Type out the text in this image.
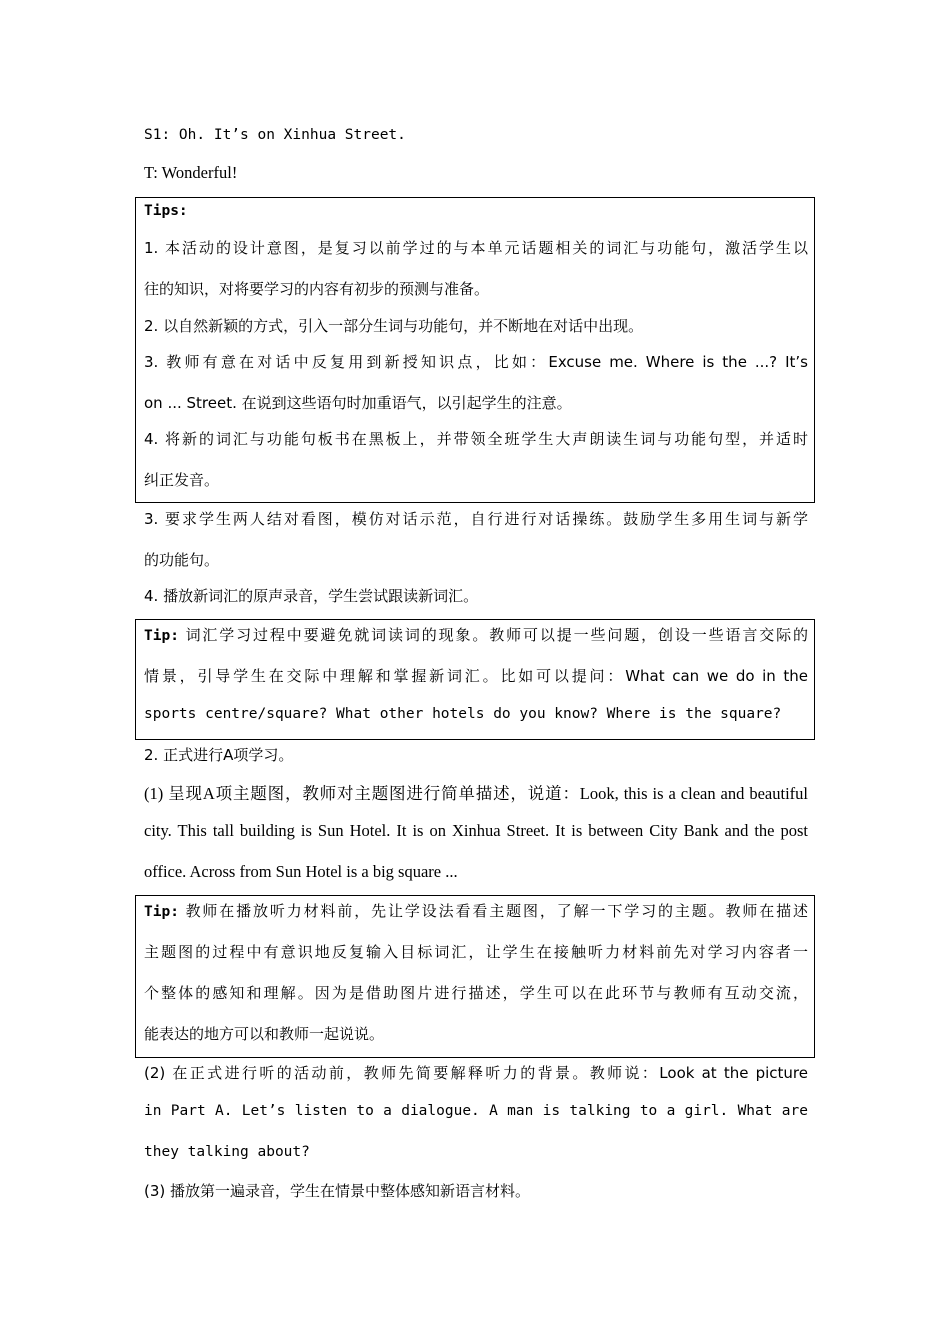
S1: Oh. It’s on Xinhua Street.
T: Wonderful!
Tips:
1. 本活动的设计意图，是复习以前学过的与本单元话题相关的词汇与功能句，激活学生以
往的知识，对将要学习的内容有初步的预测与准备。
2. 以自然新颖的方式，引入一部分生词与功能句，并不断地在对话中出现。
3. 教师有意在对话中反复用到新授知识点，比如：Excuse me. Where is the ...? It’s
on ... Street. 在说到这些语句时加重语气，以引起学生的注意。
4. 将新的词汇与功能句板书在黑板上，并带领全班学生大声朗读生词与功能句型，并适时
纠正发音。
3. 要求学生两人结对看图，模仿对话示范，自行进行对话操练。鼓励学生多用生词与新学
的功能句。
4. 播放新词汇的原声录音，学生尝试跟读新词汇。
Tip: 词汇学习过程中要避免就词读词的现象。教师可以提一些问题，创设一些语言交际的
情景，引导学生在交际中理解和掌握新词汇。比如可以提问：What can we do in the
sports centre/square? What other hotels do you know? Where is the square?
2. 正式进行A项学习。
(1) 呈现A项主题图，教师对主题图进行简单描述，说道：Look, this is a clean and beautiful
city. This tall building is Sun Hotel. It is on Xinhua Street. It is between City Bank and the post
office. Across from Sun Hotel is a big square ...
Tip: 教师在播放听力材料前，先让学设法看看主题图，了解一下学习的主题。教师在描述
主题图的过程中有意识地反复输入目标词汇，让学生在接触听力材料前先对学习内容者一
个整体的感知和理解。因为是借助图片进行描述，学生可以在此环节与教师有互动交流，
能表达的地方可以和教师一起说说。
(2) 在正式进行听的活动前，教师先简要解释听力的背景。教师说：Look at the picture
in Part A. Let’s listen to a dialogue. A man is talking to a girl. What are
they talking about?
(3) 播放第一遍录音，学生在情景中整体感知新语言材料。
